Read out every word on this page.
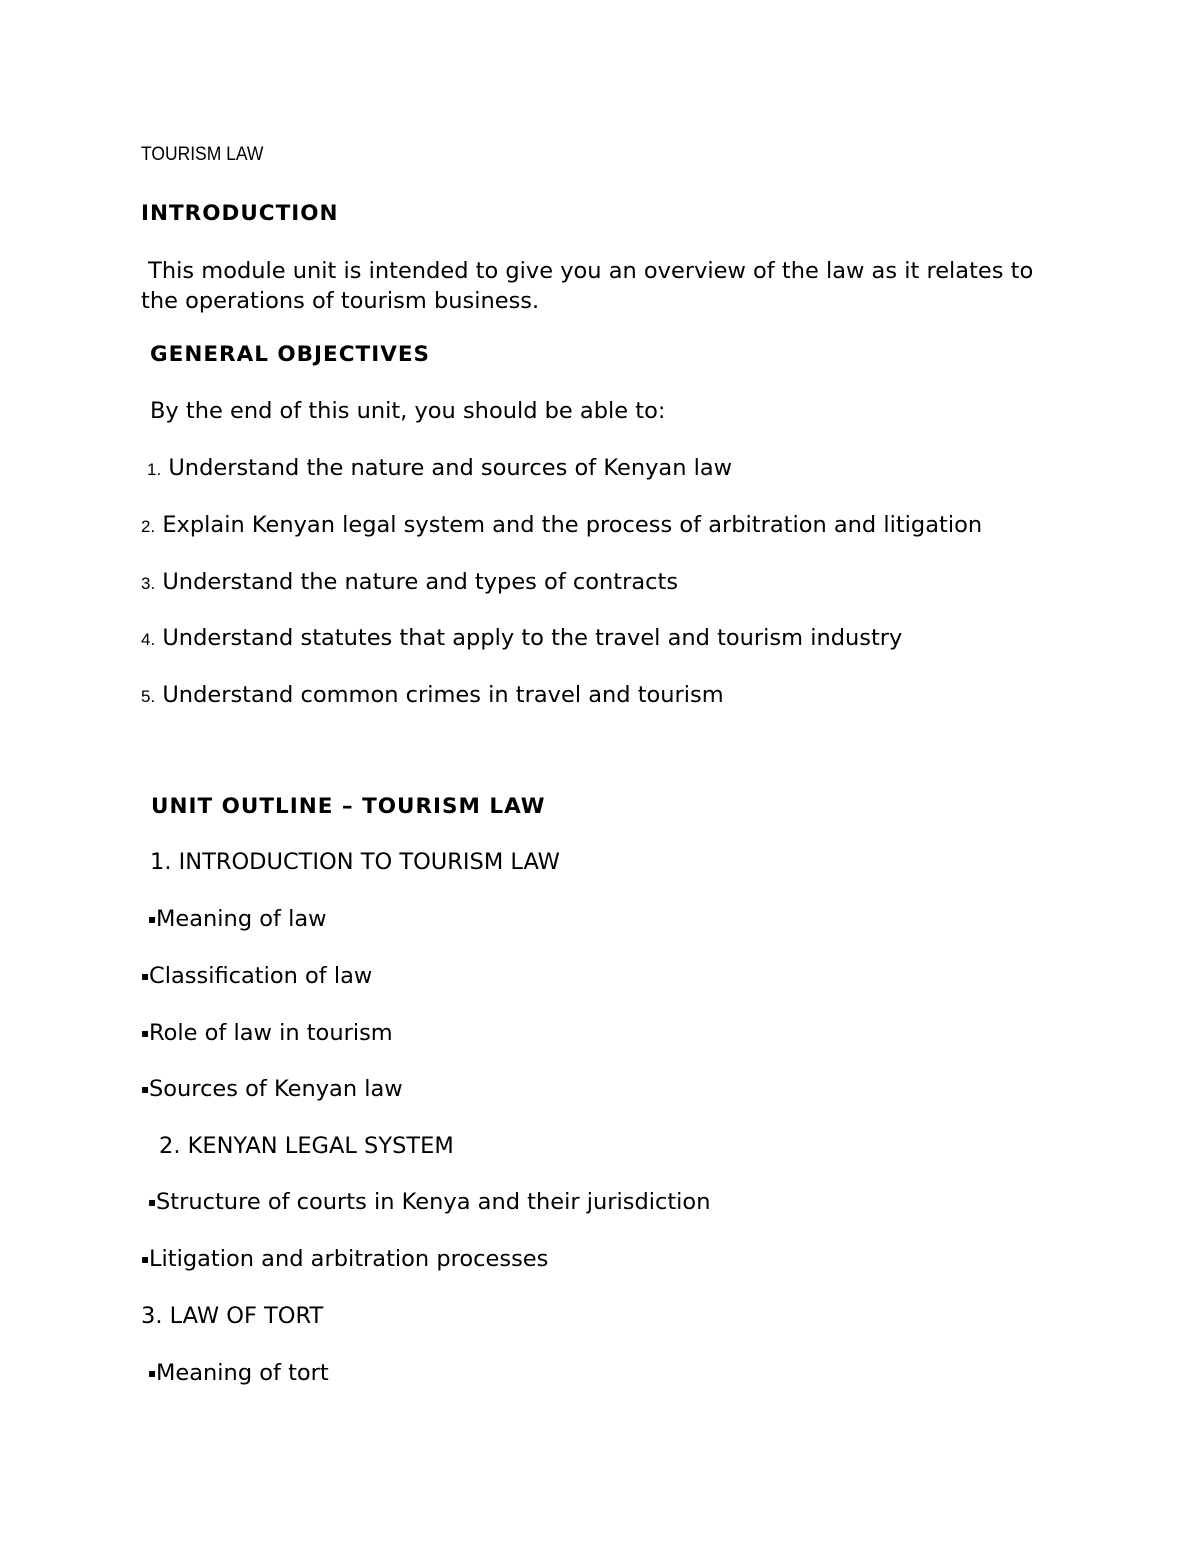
TOURISM LAW
INTRODUCTION
This module unit is intended to give you an overview of the law as it relates to the operations of tourism business.
GENERAL OBJECTIVES
By the end of this unit, you should be able to:
1. Understand the nature and sources of Kenyan law
2. Explain Kenyan legal system and the process of arbitration and litigation
3. Understand the nature and types of contracts
4. Understand statutes that apply to the travel and tourism industry
5. Understand common crimes in travel and tourism
UNIT OUTLINE – TOURISM LAW
1. INTRODUCTION TO TOURISM LAW
▪Meaning of law
▪Classification of law
▪Role of law in tourism
▪Sources of Kenyan law
2. KENYAN LEGAL SYSTEM
▪Structure of courts in Kenya and their jurisdiction
▪Litigation and arbitration processes
3. LAW OF TORT
▪Meaning of tort
